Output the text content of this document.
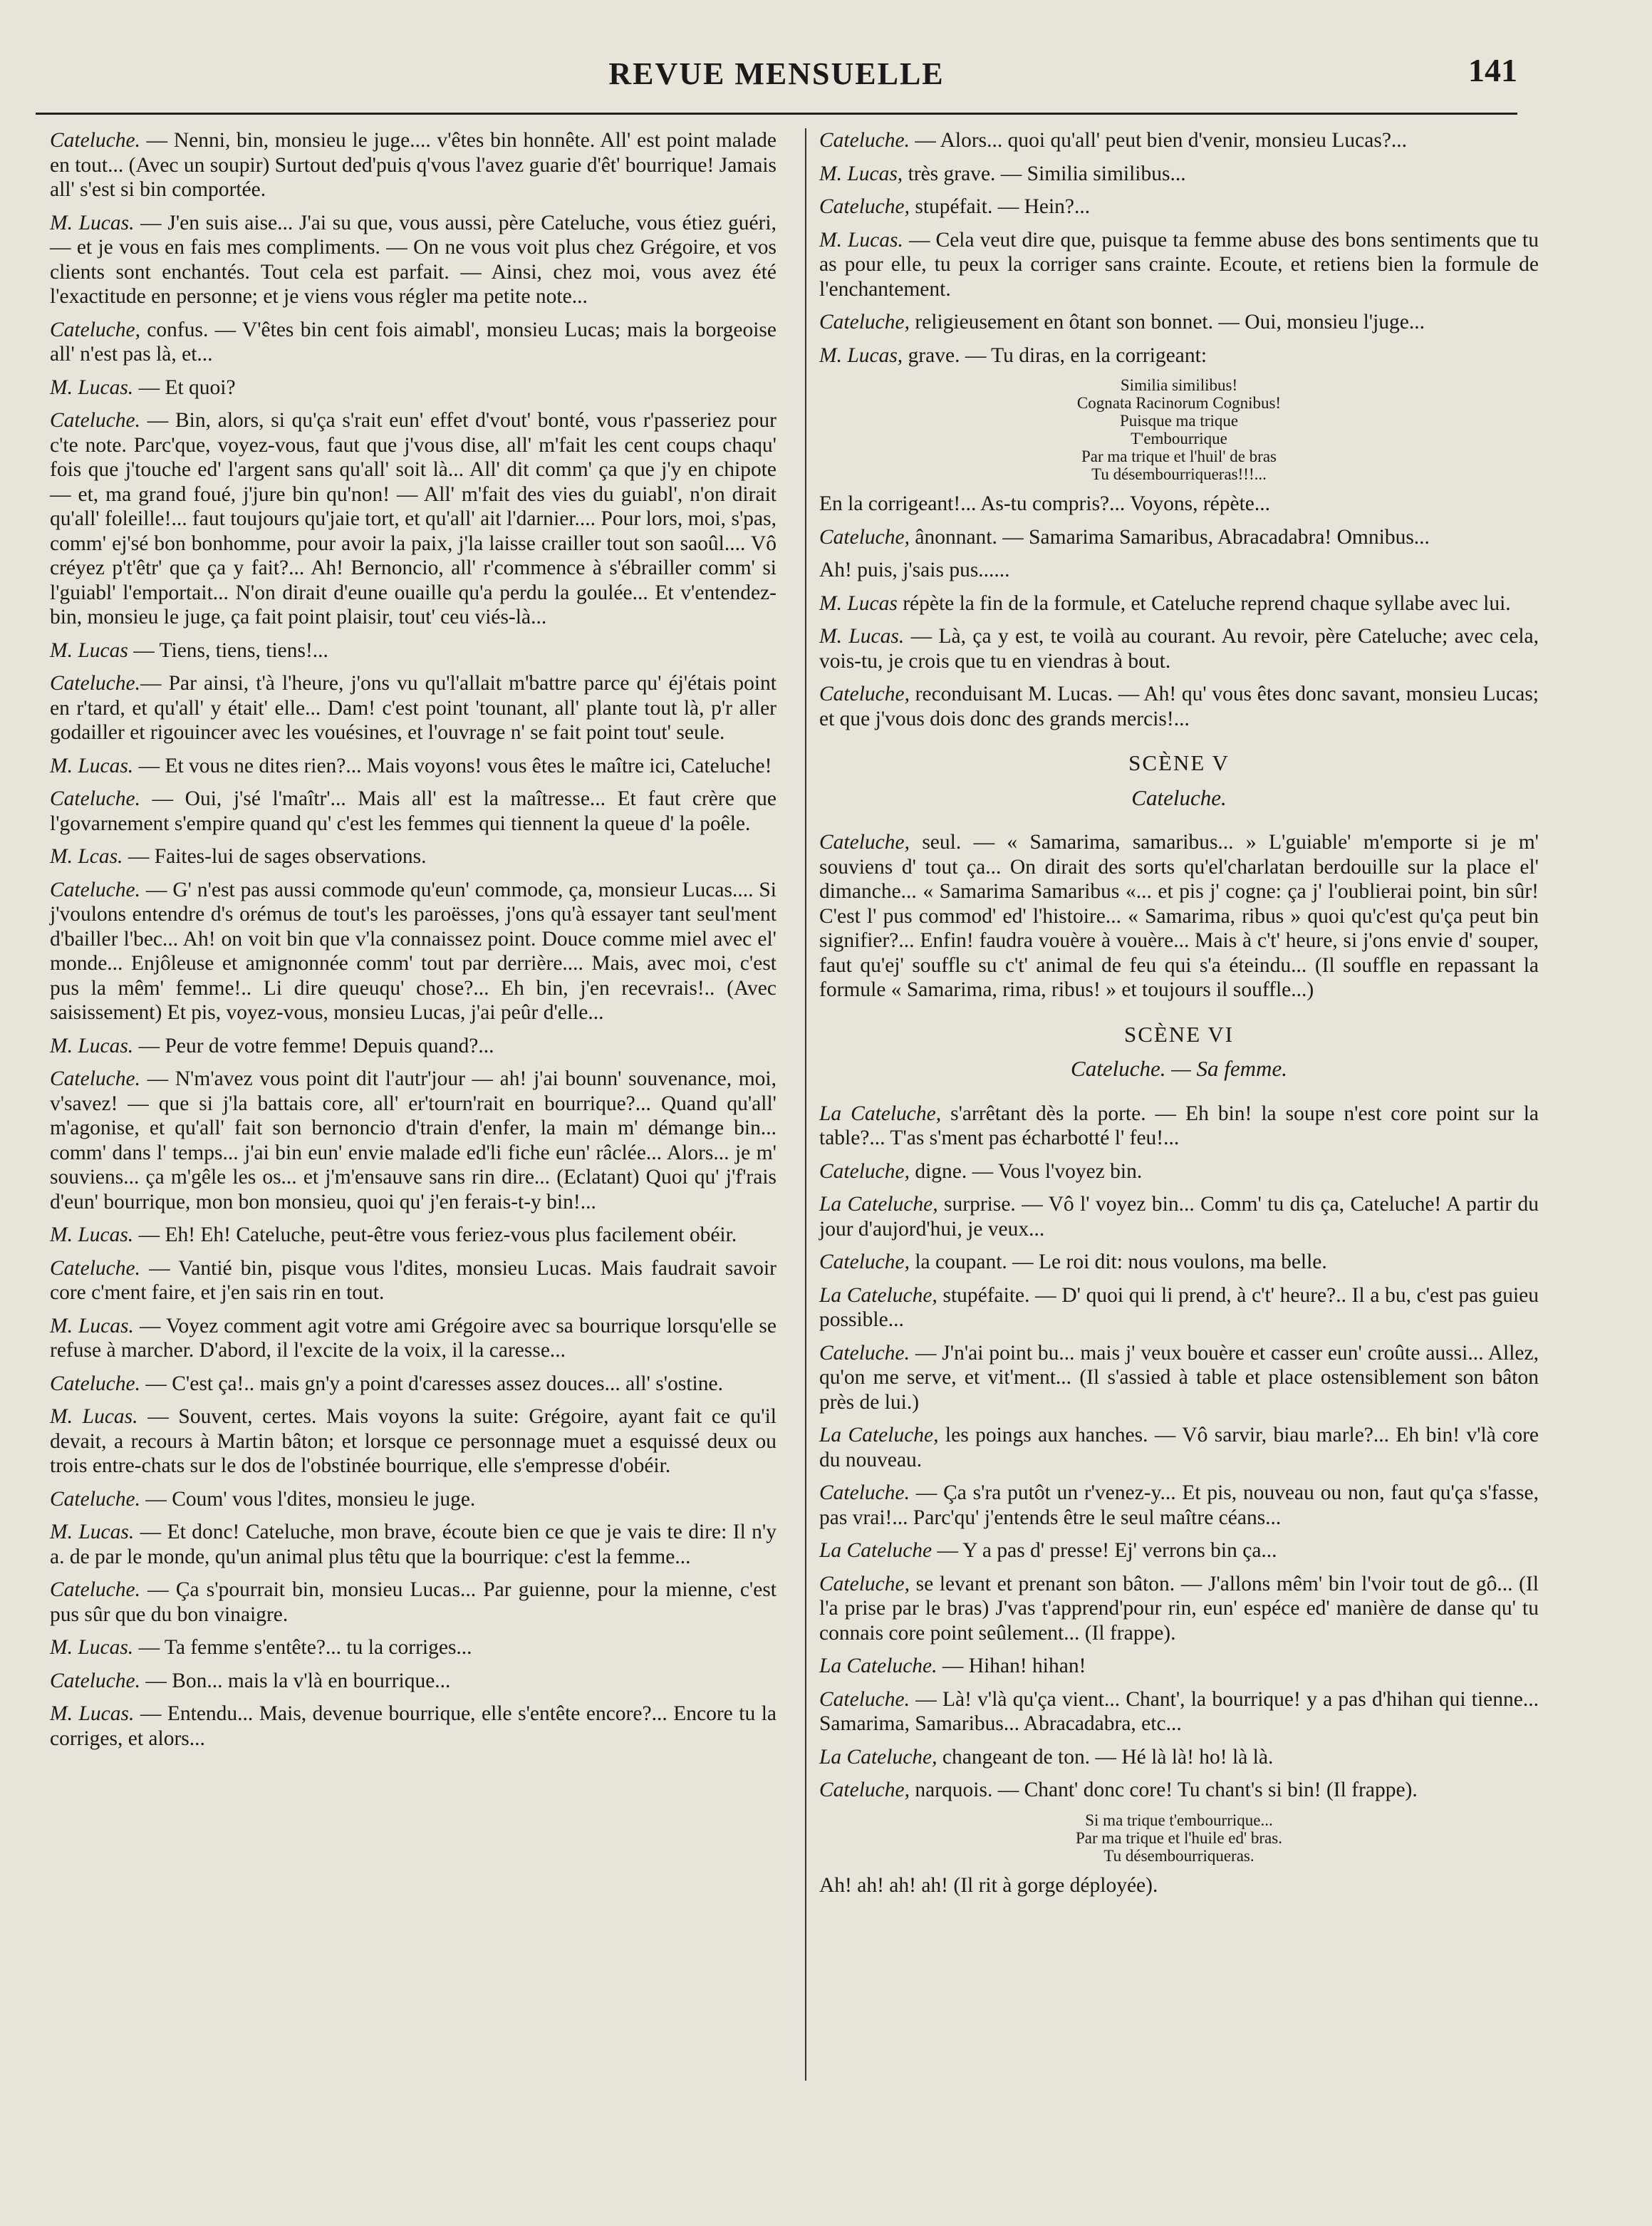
REVUE MENSUELLE	141

Cateluche. — Nenni, bin, monsieu le juge.... v'êtes bin honnête. All' est point malade en tout... (Avec un soupir) Surtout ded'puis q'vous l'avez guarie d'êt' bourrique! Jamais all' s'est si bin comportée.

M. Lucas. — J'en suis aise... J'ai su que, vous aussi, père Cateluche, vous étiez guéri, — et je vous en fais mes compliments. — On ne vous voit plus chez Grégoire, et vos clients sont enchantés. Tout cela est parfait. — Ainsi, chez moi, vous avez été l'exactitude en personne; et je viens vous régler ma petite note...

Cateluche, confus. — V'êtes bin cent fois aimabl', monsieu Lucas; mais la borgeoise all' n'est pas là, et...

M. Lucas. — Et quoi?

Cateluche. — Bin, alors, si qu'ça s'rait eun' effet d'vout' bonté, vous r'passeriez pour c'te note. Parc'que, voyez-vous, faut que j'vous dise, all' m'fait les cent coups chaqu' fois que j'touche ed' l'argent sans qu'all' soit là... All' dit comm' ça que j'y en chipote — et, ma grand foué, j'jure bin qu'non! — All' m'fait des vies du guiabl', n'on dirait qu'all' foleille!... faut toujours qu'jaie tort, et qu'all' ait l'darnier.... Pour lors, moi, s'pas, comm' ej'sé bon bonhomme, pour avoir la paix, j'la laisse crailler tout son saoûl.... Vô créyez p't'êtr' que ça y fait?... Ah! Bernoncio, all' r'commence à s'ébrailler comm' si l'guiabl' l'emportait... N'on dirait d'eune ouaille qu'a perdu la goulée... Et v'entendez-bin, monsieu le juge, ça fait point plaisir, tout' ceu viés-là...

M. Lucas — Tiens, tiens, tiens!...

Cateluche.— Par ainsi, t'à l'heure, j'ons vu qu'l'allait m'battre parce qu' éj'étais point en r'tard, et qu'all' y était' elle... Dam! c'est point 'tounant, all' plante tout là, p'r aller godailler et rigouincer avec les vouésines, et l'ouvrage n' se fait point tout' seule.

M. Lucas. — Et vous ne dites rien?... Mais voyons! vous êtes le maître ici, Cateluche!

Cateluche. — Oui, j'sé l'maîtr'... Mais all' est la maîtresse... Et faut crère que l'govarnement s'empire quand qu' c'est les femmes qui tiennent la queue d' la poêle.

M. Lcas. — Faites-lui de sages observations.

Cateluche. — G' n'est pas aussi commode qu'eun' commode, ça, monsieur Lucas.... Si j'voulons entendre d's orémus de tout's les paroësses, j'ons qu'à essayer tant seul'ment d'bailler l'bec... Ah! on voit bin que v'la connaissez point. Douce comme miel avec el' monde... Enjôleuse et amignonnée comm' tout par derrière.... Mais, avec moi, c'est pus la mêm' femme!.. Li dire queuqu' chose?... Eh bin, j'en recevrais!.. (Avec saisissement) Et pis, voyez-vous, monsieu Lucas, j'ai peûr d'elle...

M. Lucas. — Peur de votre femme! Depuis quand?...

Cateluche. — N'm'avez vous point dit l'autr'jour — ah! j'ai bounn' souvenance, moi, v'savez! — que si j'la battais core, all' er'tourn'rait en bourrique?... Quand qu'all' m'agonise, et qu'all' fait son bernoncio d'train d'enfer, la main m' démange bin... comm' dans l' temps... j'ai bin eun' envie malade ed'li fiche eun' râclée... Alors... je m' souviens... ça m'gêle les os... et j'm'ensauve sans rin dire... (Eclatant) Quoi qu' j'f'rais d'eun' bourrique, mon bon monsieu, quoi qu' j'en ferais-t-y bin!...

M. Lucas. — Eh! Eh! Cateluche, peut-être vous feriez-vous plus facilement obéir.

Cateluche. — Vantié bin, pisque vous l'dites, monsieu Lucas. Mais faudrait savoir core c'ment faire, et j'en sais rin en tout.

M. Lucas. — Voyez comment agit votre ami Grégoire avec sa bourrique lorsqu'elle se refuse à marcher. D'abord, il l'excite de la voix, il la caresse...

Cateluche. — C'est ça!.. mais gn'y a point d'caresses assez douces... all' s'ostine.

M. Lucas. — Souvent, certes. Mais voyons la suite: Grégoire, ayant fait ce qu'il devait, a recours à Martin bâton; et lorsque ce personnage muet a esquissé deux ou trois entre-chats sur le dos de l'obstinée bourrique, elle s'empresse d'obéir.

Cateluche. — Coum' vous l'dites, monsieu le juge.

M. Lucas. — Et donc! Cateluche, mon brave, écoute bien ce que je vais te dire: Il n'y a. de par le monde, qu'un animal plus têtu que la bourrique: c'est la femme...

Cateluche. — Ça s'pourrait bin, monsieu Lucas... Par guienne, pour la mienne, c'est pus sûr que du bon vinaigre.

M. Lucas. — Ta femme s'entête?... tu la corriges...

Cateluche. — Bon... mais la v'là en bourrique...

M. Lucas. — Entendu... Mais, devenue bourrique, elle s'entête encore?... Encore tu la corriges, et alors...

Cateluche. — Alors... quoi qu'all' peut bien d'venir, monsieu Lucas?...

M. Lucas, très grave. — Similia similibus...

Cateluche, stupéfait. — Hein?...

M. Lucas. — Cela veut dire que, puisque ta femme abuse des bons sentiments que tu as pour elle, tu peux la corriger sans crainte. Ecoute, et retiens bien la formule de l'enchantement.

Cateluche, religieusement en ôtant son bonnet. — Oui, monsieu l'juge...

M. Lucas, grave. — Tu diras, en la corrigeant:

Similia similibus!
Cognata Racinorum Cognibus!
Puisque ma trique
T'embourrique
Par ma trique et l'huil' de bras
Tu désembourriqueras!!!...

En la corrigeant!... As-tu compris?... Voyons, répète...

Cateluche, ânonnant. — Samarima Samaribus, Abracadabra! Omnibus...

Ah! puis, j'sais pus......

M. Lucas répète la fin de la formule, et Cateluche reprend chaque syllabe avec lui.

M. Lucas. — Là, ça y est, te voilà au courant. Au revoir, père Cateluche; avec cela, vois-tu, je crois que tu en viendras à bout.

Cateluche, reconduisant M. Lucas. — Ah! qu' vous êtes donc savant, monsieu Lucas; et que j'vous dois donc des grands mercis!...

SCÈNE V
Cateluche.

Cateluche, seul. — « Samarima, samaribus... » L'guiable' m'emporte si je m' souviens d' tout ça... On dirait des sorts qu'el'charlatan berdouille sur la place el' dimanche... « Samarima Samaribus «... et pis j' cogne: ça j' l'oublierai point, bin sûr! C'est l' pus commod' ed' l'histoire... « Samarima, ribus » quoi qu'c'est qu'ça peut bin signifier?... Enfin! faudra vouère à vouère... Mais à c't' heure, si j'ons envie d' souper, faut qu'ej' souffle su c't' animal de feu qui s'a éteindu... (Il souffle en repassant la formule « Samarima, rima, ribus! » et toujours il souffle...)

SCÈNE VI
Cateluche. — Sa femme.

La Cateluche, s'arrêtant dès la porte. — Eh bin! la soupe n'est core point sur la table?... T'as s'ment pas écharbotté l' feu!...

Cateluche, digne. — Vous l'voyez bin.

La Cateluche, surprise. — Vô l' voyez bin... Comm' tu dis ça, Cateluche! A partir du jour d'aujord'hui, je veux...

Cateluche, la coupant. — Le roi dit: nous voulons, ma belle.

La Cateluche, stupéfaite. — D' quoi qui li prend, à c't' heure?.. Il a bu, c'est pas guieu possible...

Cateluche. — J'n'ai point bu... mais j' veux bouère et casser eun' croûte aussi... Allez, qu'on me serve, et vit'ment... (Il s'assied à table et place ostensiblement son bâton près de lui.)

La Cateluche, les poings aux hanches. — Vô sarvir, biau marle?... Eh bin! v'là core du nouveau.

Cateluche. — Ça s'ra putôt un r'venez-y... Et pis, nouveau ou non, faut qu'ça s'fasse, pas vrai!... Parc'qu' j'entends être le seul maître céans...

La Cateluche — Y a pas d' presse! Ej' verrons bin ça...

Cateluche, se levant et prenant son bâton. — J'allons mêm' bin l'voir tout de gô... (Il l'a prise par le bras) J'vas t'apprend'pour rin, eun' espéce ed' manière de danse qu' tu connais core point seûlement... (Il frappe).

La Cateluche. — Hihan! hihan!

Cateluche. — Là! v'là qu'ça vient... Chant', la bourrique! y a pas d'hihan qui tienne... Samarima, Samaribus... Abracadabra, etc...

La Cateluche, changeant de ton. — Hé là là! ho! là là.

Cateluche, narquois. — Chant' donc core! Tu chant's si bin! (Il frappe).

Si ma trique t'embourrique...
Par ma trique et l'huile ed' bras.
Tu désembourriqueras.

Ah! ah! ah! ah! (Il rit à gorge déployée).
